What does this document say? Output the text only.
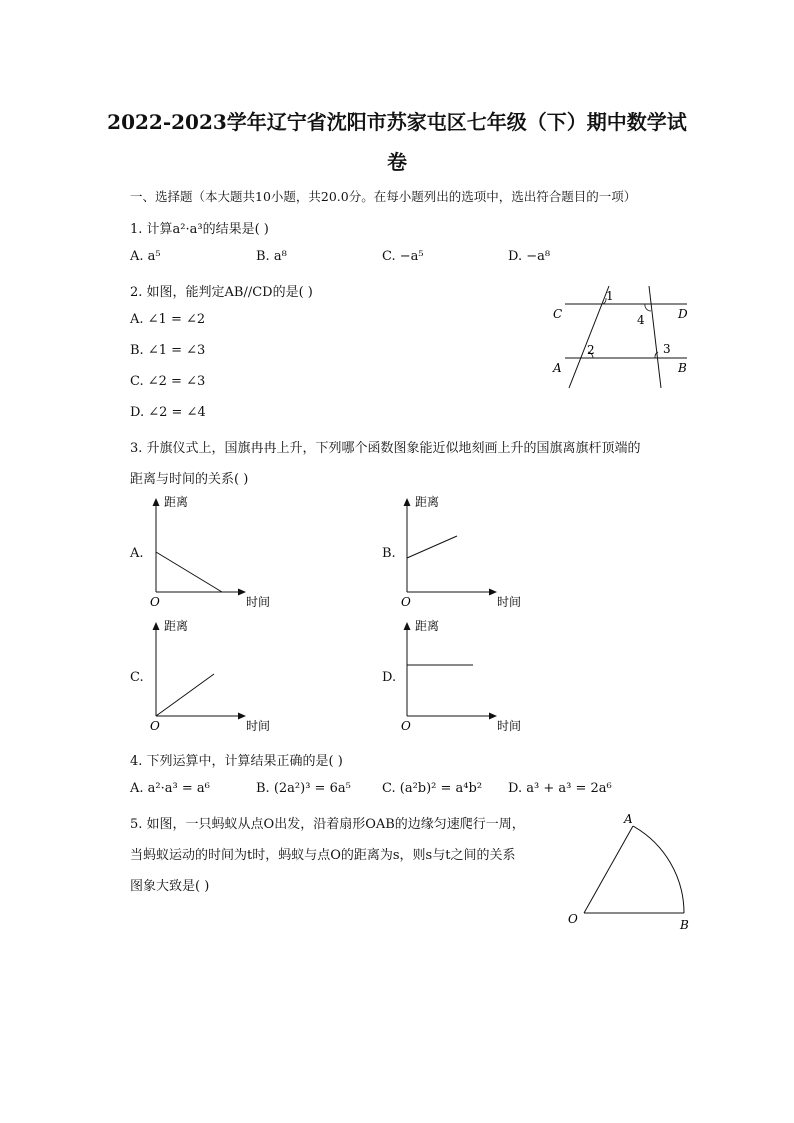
2022-2023学年辽宁省沈阳市苏家屯区七年级（下）期中数学试
卷
一、选择题（本大题共10小题，共20.0分。在每小题列出的选项中，选出符合题目的一项）
1. 计算a²·a³的结果是( )
A. a⁵	B. a⁸	C. −a⁵	D. −a⁸
2. 如图，能判定AB//CD的是( )
A. ∠1 = ∠2
B. ∠1 = ∠3
C. ∠2 = ∠3
D. ∠2 = ∠4
1
C	4	D
2	3
A	B
3. 升旗仪式上，国旗冉冉上升，下列哪个函数图象能近似地刻画上升的国旗离旗杆顶端的
距离与时间的关系( )
A.
距离
时间
O
B.
距离
时间
O
C.
距离
时间
O
D.
距离
时间
O
4. 下列运算中，计算结果正确的是( )
A. a²·a³ = a⁶	B. (2a²)³ = 6a⁵ C. (a²b)² = a⁴b² D. a³ + a³ = 2a⁶
5. 如图，一只蚂蚁从点O出发，沿着扇形OAB的边缘匀速爬行一周，
当蚂蚁运动的时间为t时，蚂蚁与点O的距离为s，则s与t之间的关系
图象大致是( )
A
O	B
